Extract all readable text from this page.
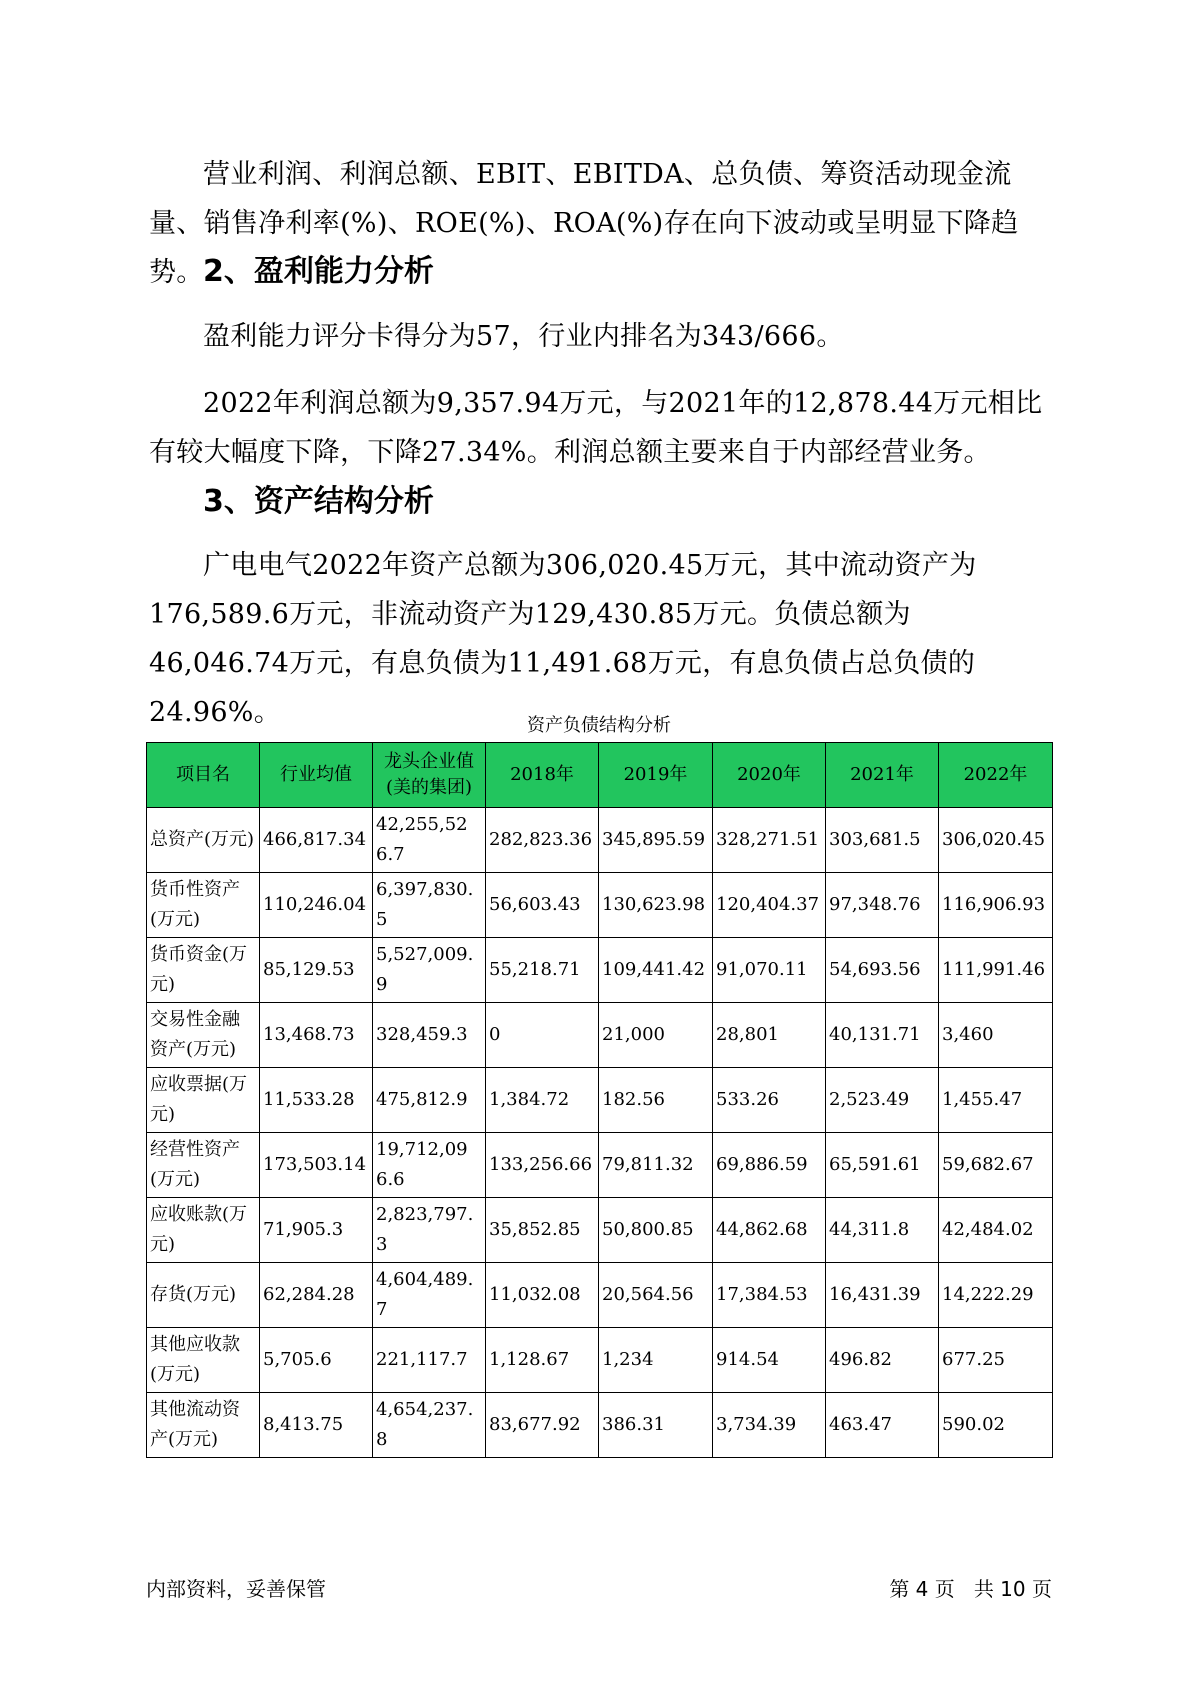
营业利润、利润总额、EBIT、EBITDA、总负债、筹资活动现金流量、销售净利率(%)、ROE(%)、ROA(%)存在向下波动或呈明显下降趋势。 2、盈利能力分析

盈利能力评分卡得分为57，行业内排名为343/666。

2022年利润总额为9,357.94万元，与2021年的12,878.44万元相比有较大幅度下降，下降27.34%。利润总额主要来自于内部经营业务。

3、资产结构分析

广电电气2022年资产总额为306,020.45万元，其中流动资产为176,589.6万元，非流动资产为129,430.85万元。负债总额为46,046.74万元，有息负债为11,491.68万元，有息负债占总负债的24.96%。	资产负债结构分析
项目名	行业均值	龙头企业值(美的集团)	2018年	2019年	2020年	2021年	2022年
总资产(万元)	466,817.34	42,255,526.7	282,823.36	345,895.59	328,271.51	303,681.5	306,020.45
货币性资产(万元)	110,246.04	6,397,830.5	56,603.43	130,623.98	120,404.37	97,348.76	116,906.93
货币资金(万元)	85,129.53	5,527,009.9	55,218.71	109,441.42	91,070.11	54,693.56	111,991.46
交易性金融资产(万元)	13,468.73	328,459.3	0	21,000	28,801	40,131.71	3,460
应收票据(万元)	11,533.28	475,812.9	1,384.72	182.56	533.26	2,523.49	1,455.47
经营性资产(万元)	173,503.14	19,712,096.6	133,256.66	79,811.32	69,886.59	65,591.61	59,682.67
应收账款(万元)	71,905.3	2,823,797.3	35,852.85	50,800.85	44,862.68	44,311.8	42,484.02
存货(万元)	62,284.28	4,604,489.7	11,032.08	20,564.56	17,384.53	16,431.39	14,222.29
其他应收款(万元)	5,705.6	221,117.7	1,128.67	1,234	914.54	496.82	677.25
其他流动资产(万元)	8,413.75	4,654,237.8	83,677.92	386.31	3,734.39	463.47	590.02
内部资料，妥善保管	第 4 页   共 10 页
